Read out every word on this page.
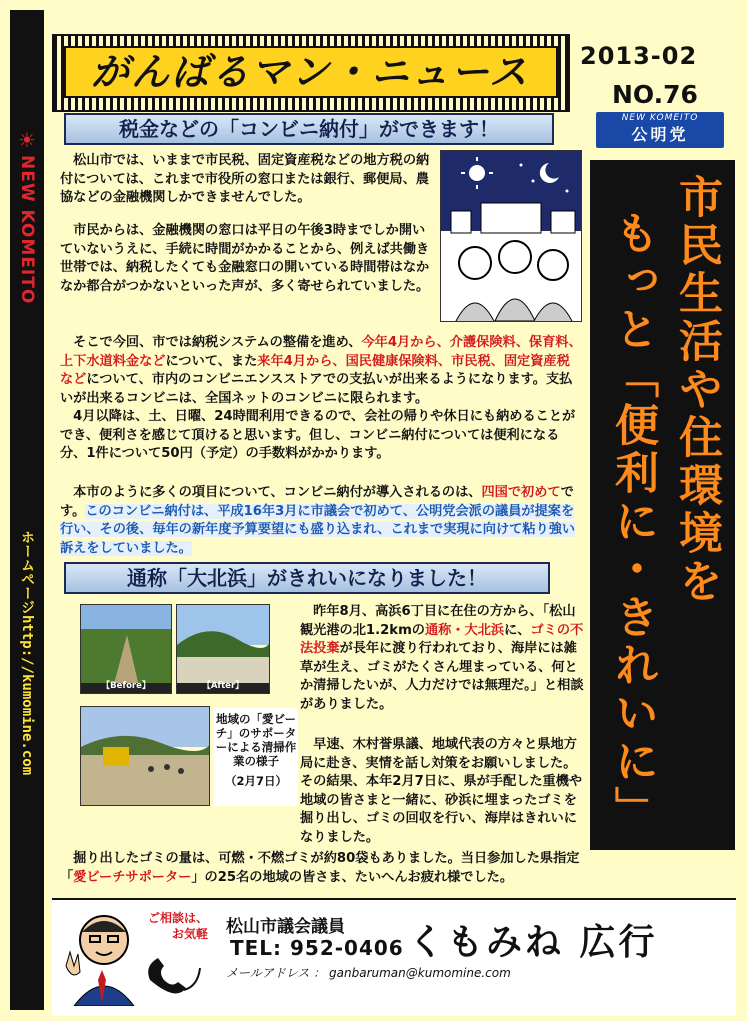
☀
NEW KOMEITO
ホームページ
http://kumomine.com
がんばるマン・ニュース	2013-02
NO.76
NEW KOMEITO
公明党
税金などの「コンビニ納付」ができます！
　松山市では、いままで市民税、固定資産税などの地方税の納付については、これまで市役所の窓口または銀行、郵便局、農協などの金融機関しかできませんでした。
　市民からは、金融機関の窓口は平日の午後3時までしか開いていないうえに、手続に時間がかかることから、例えば共働き世帯では、納税したくても金融窓口の開いている時間帯はなかなか都合がつかないといった声が、多く寄せられていました。
　そこで今回、市では納税システムの整備を進め、今年4月から、介護保険料、保育料、上下水道料金などについて、また来年4月から、国民健康保険料、市民税、固定資産税などについて、市内のコンビニエンスストアでの支払いが出来るようになります。支払いが出来るコンビニは、全国ネットのコンビニに限られます。
　4月以降は、土、日曜、24時間利用できるので、会社の帰りや休日にも納めることができ、便利さを感じて頂けると思います。但し、コンビニ納付については便利になる分、1件について50円（予定）の手数料がかかります。
　本市のように多くの項目について、コンビニ納付が導入されるのは、四国で初めてです。このコンビニ納付は、平成16年3月に市議会で初めて、公明党会派の議員が提案を行い、その後、毎年の新年度予算要望にも盛り込まれ、これまで実現に向けて粘り強い訴えをしていました。	市民生活や住環境を
もっと「便利に・きれいに」
通称「大北浜」がきれいになりました！
【Before】	【After】
地域の「愛ビーチ」のサポーターによる清掃作業の様子
（2月7日）
　昨年8月、高浜6丁目に在住の方から、「松山観光港の北1.2kmの通称・大北浜に、ゴミの不法投棄が長年に渡り行われており、海岸には雑草が生え、ゴミがたくさん埋まっている、何とか清掃したいが、人力だけでは無理だ。」と相談がありました。
　早速、木村誉県議、地域代表の方々と県地方局に赴き、実情を話し対策をお願いしました。その結果、本年2月7日に、県が手配した重機や地域の皆さまと一緒に、砂浜に埋まったゴミを掘り出し、ゴミの回収を行い、海岸はきれいになりました。
　掘り出したゴミの量は、可燃・不燃ゴミが約80袋もありました。当日参加した県指定「愛ビーチサポーター」の25名の地域の皆さま、たいへんお疲れ様でした。
ご相談は、
お気軽 松山市議会議員
TEL: 952-0406
メールアドレス ： ganbaruman@kumomine.com
くもみね 広行
